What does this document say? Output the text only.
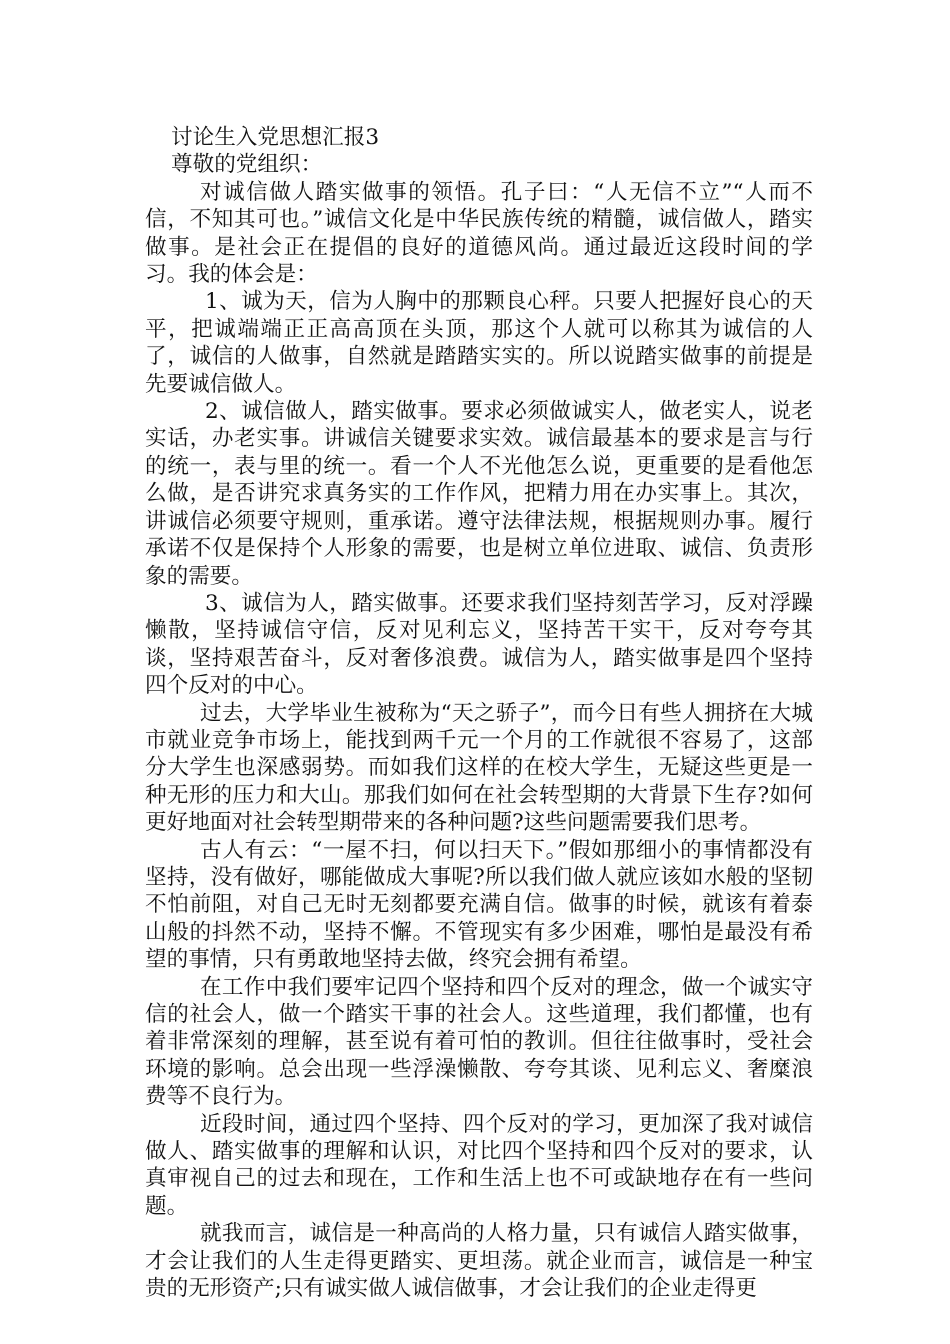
讨论生入党思想汇报3

尊敬的党组织：

对诚信做人踏实做事的领悟。孔子曰：“人无信不立”“人而不信，不知其可也。”诚信文化是中华民族传统的精髓，诚信做人，踏实做事。是社会正在提倡的良好的道德风尚。通过最近这段时间的学习。我的体会是：

1、诚为天，信为人胸中的那颗良心秤。只要人把握好良心的天平，把诚端端正正高高顶在头顶，那这个人就可以称其为诚信的人了，诚信的人做事，自然就是踏踏实实的。所以说踏实做事的前提是先要诚信做人。

2、诚信做人，踏实做事。要求必须做诚实人，做老实人，说老实话，办老实事。讲诚信关键要求实效。诚信最基本的要求是言与行的统一，表与里的统一。看一个人不光他怎么说，更重要的是看他怎么做，是否讲究求真务实的工作作风，把精力用在办实事上。其次，讲诚信必须要守规则，重承诺。遵守法律法规，根据规则办事。履行承诺不仅是保持个人形象的需要，也是树立单位进取、诚信、负责形象的需要。

3、诚信为人，踏实做事。还要求我们坚持刻苦学习，反对浮躁懒散，坚持诚信守信，反对见利忘义，坚持苦干实干，反对夸夸其谈，坚持艰苦奋斗，反对奢侈浪费。诚信为人，踏实做事是四个坚持四个反对的中心。

过去，大学毕业生被称为“天之骄子”，而今日有些人拥挤在大城市就业竞争市场上，能找到两千元一个月的工作就很不容易了，这部分大学生也深感弱势。而如我们这样的在校大学生，无疑这些更是一种无形的压力和大山。那我们如何在社会转型期的大背景下生存?如何更好地面对社会转型期带来的各种问题?这些问题需要我们思考。

古人有云：“一屋不扫，何以扫天下。”假如那细小的事情都没有坚持，没有做好，哪能做成大事呢?所以我们做人就应该如水般的坚韧不怕前阻，对自己无时无刻都要充满自信。做事的时候，就该有着泰山般的抖然不动，坚持不懈。不管现实有多少困难，哪怕是最没有希望的事情，只有勇敢地坚持去做，终究会拥有希望。

在工作中我们要牢记四个坚持和四个反对的理念，做一个诚实守信的社会人，做一个踏实干事的社会人。这些道理，我们都懂，也有着非常深刻的理解，甚至说有着可怕的教训。但往往做事时，受社会环境的影响。总会出现一些浮澡懒散、夸夸其谈、见利忘义、奢糜浪费等不良行为。

近段时间，通过四个坚持、四个反对的学习，更加深了我对诚信做人、踏实做事的理解和认识，对比四个坚持和四个反对的要求，认真审视自己的过去和现在，工作和生活上也不可或缺地存在有一些问题。

就我而言，诚信是一种高尚的人格力量，只有诚信人踏实做事，才会让我们的人生走得更踏实、更坦荡。就企业而言，诚信是一种宝贵的无形资产;只有诚实做人诚信做事，才会让我们的企业走得更
